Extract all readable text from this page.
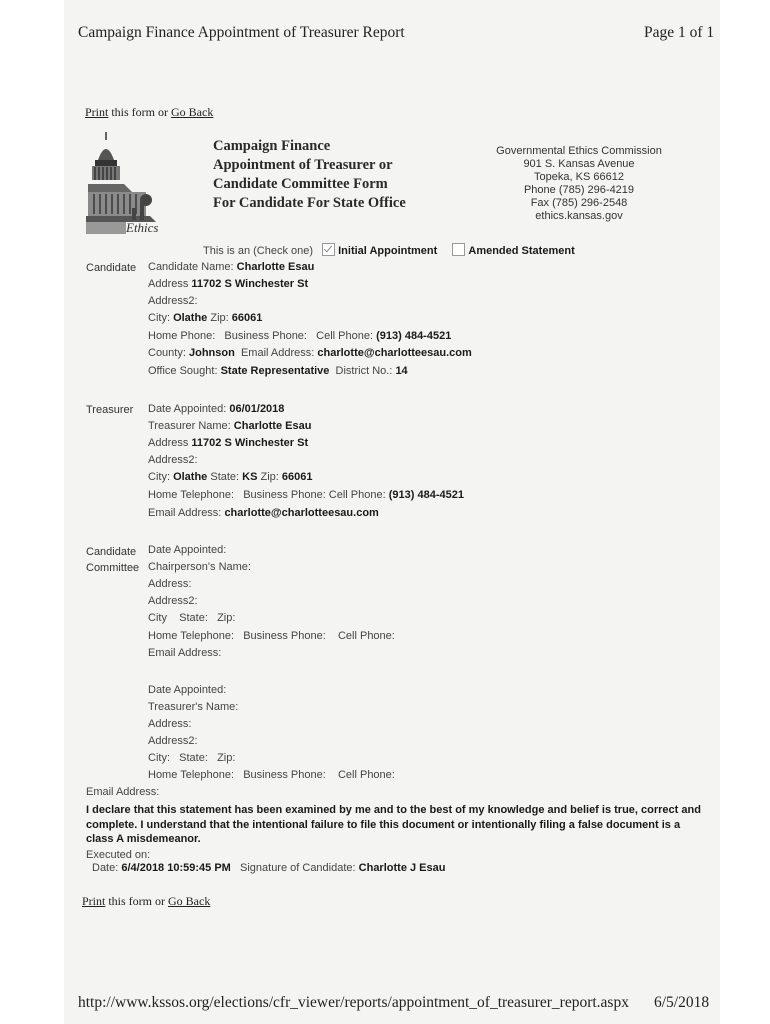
Campaign Finance Appointment of Treasurer Report	Page 1 of 1
Print this form or Go Back
Ethics
Campaign Finance
Appointment of Treasurer or
Candidate Committee Form
For Candidate For State Office
Governmental Ethics Commission
901 S. Kansas Avenue
Topeka, KS 66612
Phone (785) 296-4219
Fax (785) 296-2548
ethics.kansas.gov
This is an (Check one) Initial Appointment	Amended Statement
Candidate Candidate Name: Charlotte Esau
Address 11702 S Winchester St
Address2:
City: Olathe Zip: 66061
Home Phone:   Business Phone:   Cell Phone: (913) 484-4521
County: Johnson Email Address: charlotte@charlotteesau.com
Office Sought: State Representative District No.: 14
Treasurer Date Appointed: 06/01/2018
Treasurer Name: Charlotte Esau
Address 11702 S Winchester St
Address2:
City: Olathe State: KS Zip: 66061
Home Telephone:   Business Phone: Cell Phone: (913) 484-4521
Email Address: charlotte@charlotteesau.com
Candidate
Committee
Date Appointed:
Chairperson's Name:
Address:
Address2:
City    State:   Zip:
Home Telephone:   Business Phone:    Cell Phone:
Email Address:
Date Appointed:
Treasurer's Name:
Address:
Address2:
City:   State:   Zip:
Home Telephone:   Business Phone:    Cell Phone:
Email Address:
I declare that this statement has been examined by me and to the best of my knowledge and belief is true, correct and complete. I understand that the intentional failure to file this document or intentionally filing a false document is a class A misdemeanor.
Executed on:
Date: 6/4/2018 10:59:45 PM Signature of Candidate: Charlotte J Esau
Print this form or Go Back
http://www.kssos.org/elections/cfr_viewer/reports/appointment_of_treasurer_report.aspx 6/5/2018
